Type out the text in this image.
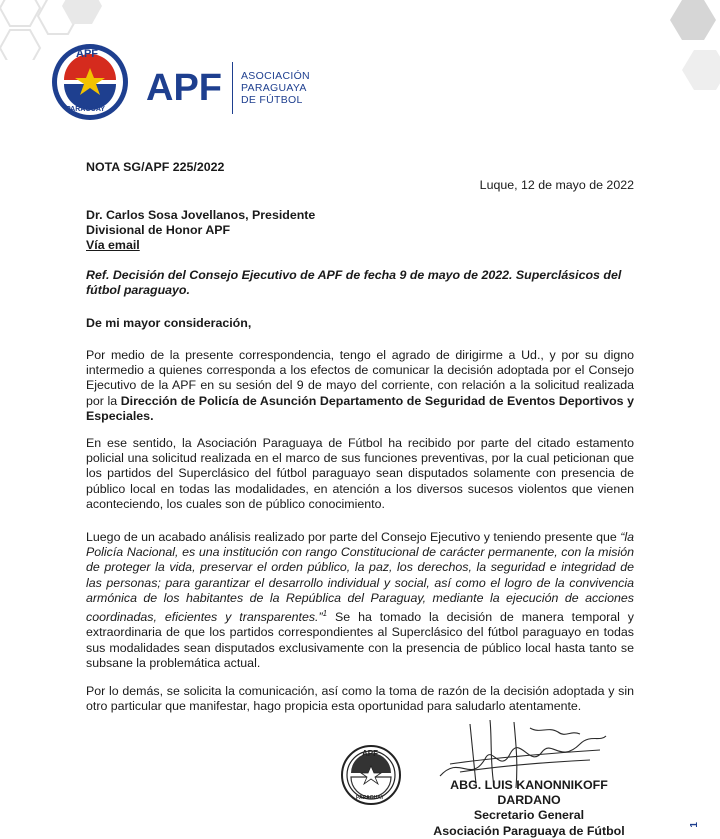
APF
PARAGUAY
APF ASOCIACIÓN
PARAGUAYA
DE FÚTBOL
NOTA SG/APF 225/2022
Luque, 12 de mayo de 2022
Dr. Carlos Sosa Jovellanos, Presidente
Divisional de Honor APF
Vía email
Ref. Decisión del Consejo Ejecutivo de APF de fecha 9 de mayo de 2022. Superclásicos del fútbol paraguayo.
De mi mayor consideración,
Por medio de la presente correspondencia, tengo el agrado de dirigirme a Ud., y por su digno intermedio a quienes corresponda a los efectos de comunicar la decisión adoptada por el Consejo Ejecutivo de la APF en su sesión del 9 de mayo del corriente, con relación a la solicitud realizada por la Dirección de Policía de Asunción Departamento de Seguridad de Eventos Deportivos y Especiales.
En ese sentido, la Asociación Paraguaya de Fútbol ha recibido por parte del citado estamento policial una solicitud realizada en el marco de sus funciones preventivas, por la cual peticionan que los partidos del Superclásico del fútbol paraguayo sean disputados solamente con presencia de público local en todas las modalidades, en atención a los diversos sucesos violentos que vienen aconteciendo, los cuales son de público conocimiento.
Luego de un acabado análisis realizado por parte del Consejo Ejecutivo y teniendo presente que “la Policía Nacional, es una institución con rango Constitucional de carácter permanente, con la misión de proteger la vida, preservar el orden público, la paz, los derechos, la seguridad e integridad de las personas; para garantizar el desarrollo individual y social, así como el logro de la convivencia armónica de los habitantes de la República del Paraguay, mediante la ejecución de acciones coordinadas, eficientes y transparentes.”$^1$ Se ha tomado la decisión de manera temporal y extraordinaria de que los partidos correspondientes al Superclásico del fútbol paraguayo en todas sus modalidades sean disputados exclusivamente con la presencia de público local hasta tanto se subsane la problemática actual.
Por lo demás, se solicita la comunicación, así como la toma de razón de la decisión adoptada y sin otro particular que manifestar, hago propicia esta oportunidad para saludarlo atentamente.
APF
PARAGUAY
ABG. LUIS KANONNIKOFF DARDANO
Secretario General
Asociación Paraguaya de Fútbol	1
